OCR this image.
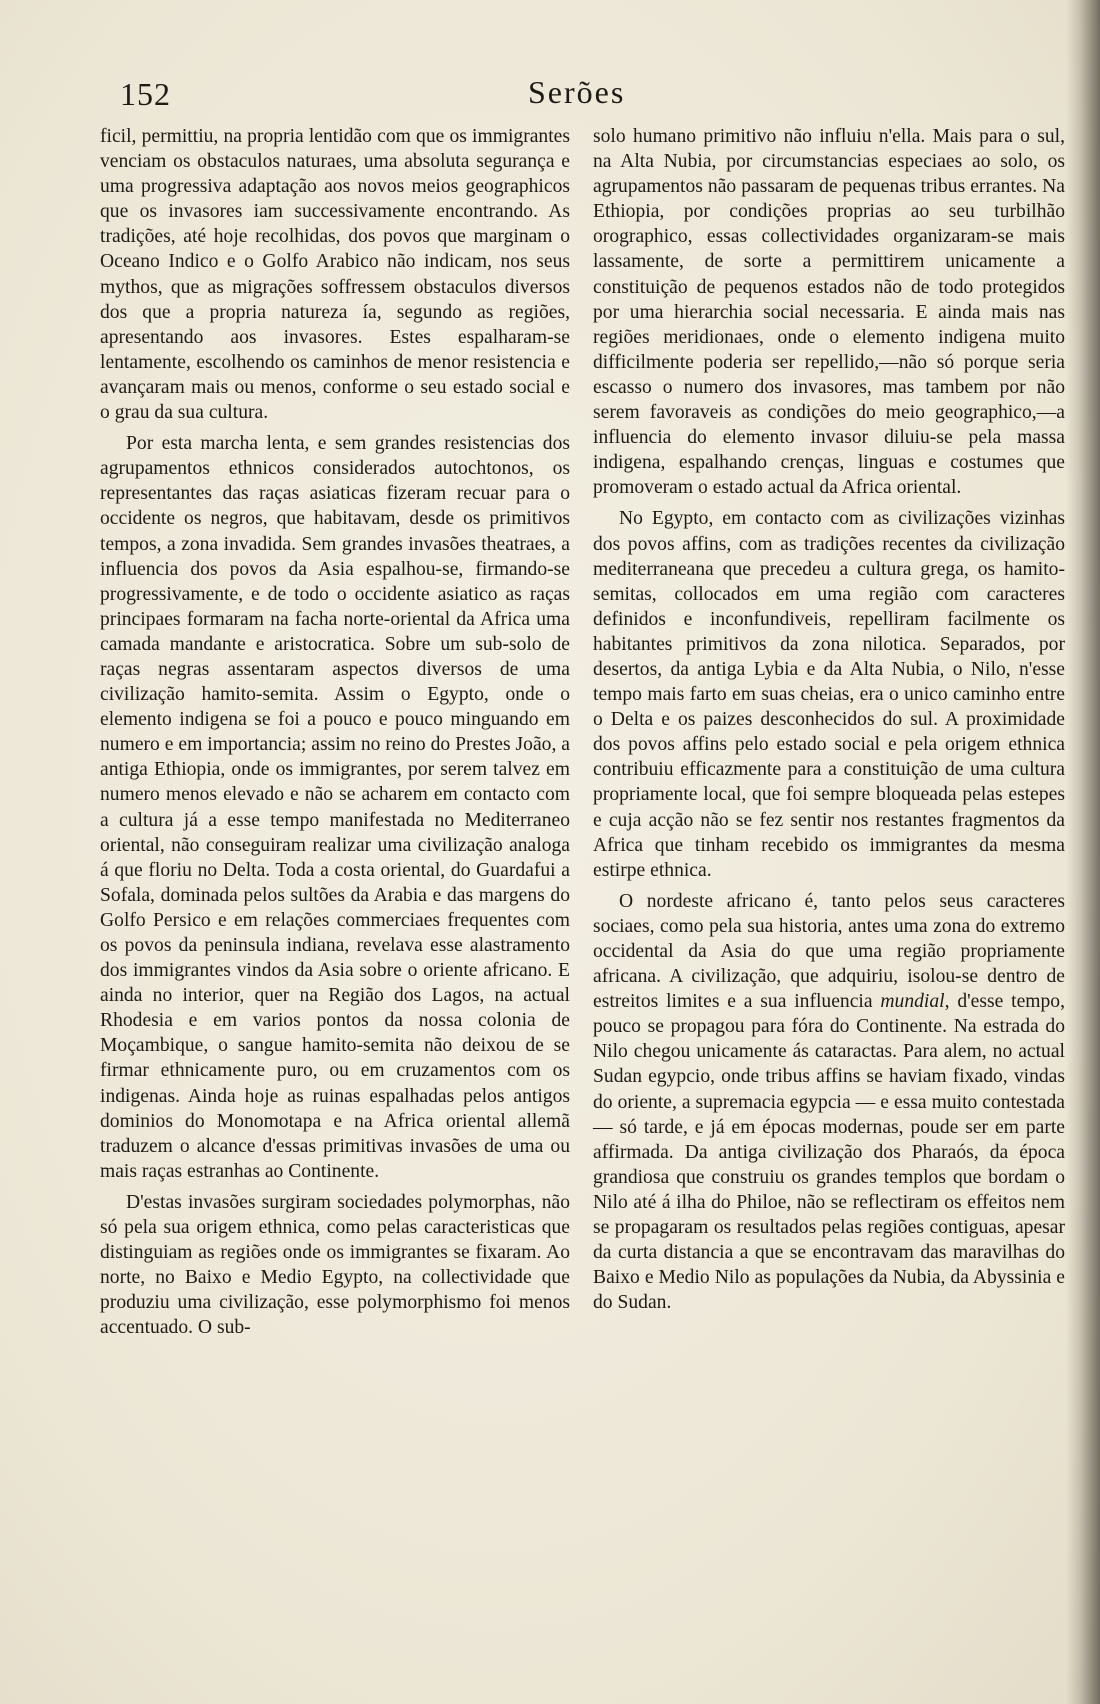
152	Serões

ficil, permittiu, na propria lentidão com que os immigrantes venciam os obstaculos naturaes, uma absoluta segurança e uma progressiva adaptação aos novos meios geographicos que os invasores iam successivamente encontrando. As tradições, até hoje recolhidas, dos povos que marginam o Oceano Indico e o Golfo Arabico não indicam, nos seus mythos, que as migrações soffressem obstaculos diversos dos que a propria natureza ía, segundo as regiões, apresentando aos invasores. Estes espalharam-se lentamente, escolhendo os caminhos de menor resistencia e avançaram mais ou menos, conforme o seu estado social e o grau da sua cultura.

Por esta marcha lenta, e sem grandes resistencias dos agrupamentos ethnicos considerados autochtonos, os representantes das raças asiaticas fizeram recuar para o occidente os negros, que habitavam, desde os primitivos tempos, a zona invadida. Sem grandes invasões theatraes, a influencia dos povos da Asia espalhou-se, firmando-se progressivamente, e de todo o occidente asiatico as raças principaes formaram na facha norte-oriental da Africa uma camada mandante e aristocratica. Sobre um sub-solo de raças negras assentaram aspectos diversos de uma civilização hamito-semita. Assim o Egypto, onde o elemento indigena se foi a pouco e pouco minguando em numero e em importancia; assim no reino do Prestes João, a antiga Ethiopia, onde os immigrantes, por serem talvez em numero menos elevado e não se acharem em contacto com a cultura já a esse tempo manifestada no Mediterraneo oriental, não conseguiram realizar uma civilização analoga á que floriu no Delta. Toda a costa oriental, do Guardafui a Sofala, dominada pelos sultões da Arabia e das margens do Golfo Persico e em relações commerciaes frequentes com os povos da peninsula indiana, revelava esse alastramento dos immigrantes vindos da Asia sobre o oriente africano. E ainda no interior, quer na Região dos Lagos, na actual Rhodesia e em varios pontos da nossa colonia de Moçambique, o sangue hamito-semita não deixou de se firmar ethnicamente puro, ou em cruzamentos com os indigenas. Ainda hoje as ruinas espalhadas pelos antigos dominios do Monomotapa e na Africa oriental allemã traduzem o alcance d'essas primitivas invasões de uma ou mais raças estranhas ao Continente.

D'estas invasões surgiram sociedades polymorphas, não só pela sua origem ethnica, como pelas caracteristicas que distinguiam as regiões onde os immigrantes se fixaram. Ao norte, no Baixo e Medio Egypto, na collectividade que produziu uma civilização, esse polymorphismo foi menos accentuado. O sub-

solo humano primitivo não influiu n'ella. Mais para o sul, na Alta Nubia, por circumstancias especiaes ao solo, os agrupamentos não passaram de pequenas tribus errantes. Na Ethiopia, por condições proprias ao seu turbilhão orographico, essas collectividades organizaram-se mais lassamente, de sorte a permittirem unicamente a constituição de pequenos estados não de todo protegidos por uma hierarchia social necessaria. E ainda mais nas regiões meridionaes, onde o elemento indigena muito difficilmente poderia ser repellido,—não só porque seria escasso o numero dos invasores, mas tambem por não serem favoraveis as condições do meio geographico,—a influencia do elemento invasor diluiu-se pela massa indigena, espalhando crenças, linguas e costumes que promoveram o estado actual da Africa oriental.

No Egypto, em contacto com as civilizações vizinhas dos povos affins, com as tradições recentes da civilização mediterraneana que precedeu a cultura grega, os hamito-semitas, collocados em uma região com caracteres definidos e inconfundiveis, repelliram facilmente os habitantes primitivos da zona nilotica. Separados, por desertos, da antiga Lybia e da Alta Nubia, o Nilo, n'esse tempo mais farto em suas cheias, era o unico caminho entre o Delta e os paizes desconhecidos do sul. A proximidade dos povos affins pelo estado social e pela origem ethnica contribuiu efficazmente para a constituição de uma cultura propriamente local, que foi sempre bloqueada pelas estepes e cuja acção não se fez sentir nos restantes fragmentos da Africa que tinham recebido os immigrantes da mesma estirpe ethnica.

O nordeste africano é, tanto pelos seus caracteres sociaes, como pela sua historia, antes uma zona do extremo occidental da Asia do que uma região propriamente africana. A civilização, que adquiriu, isolou-se dentro de estreitos limites e a sua influencia mundial, d'esse tempo, pouco se propagou para fóra do Continente. Na estrada do Nilo chegou unicamente ás cataractas. Para alem, no actual Sudan egypcio, onde tribus affins se haviam fixado, vindas do oriente, a supremacia egypcia — e essa muito contestada — só tarde, e já em épocas modernas, poude ser em parte affirmada. Da antiga civilização dos Pharaós, da época grandiosa que construiu os grandes templos que bordam o Nilo até á ilha do Philoe, não se reflectiram os effeitos nem se propagaram os resultados pelas regiões contiguas, apesar da curta distancia a que se encontravam das maravilhas do Baixo e Medio Nilo as populações da Nubia, da Abyssinia e do Sudan.
